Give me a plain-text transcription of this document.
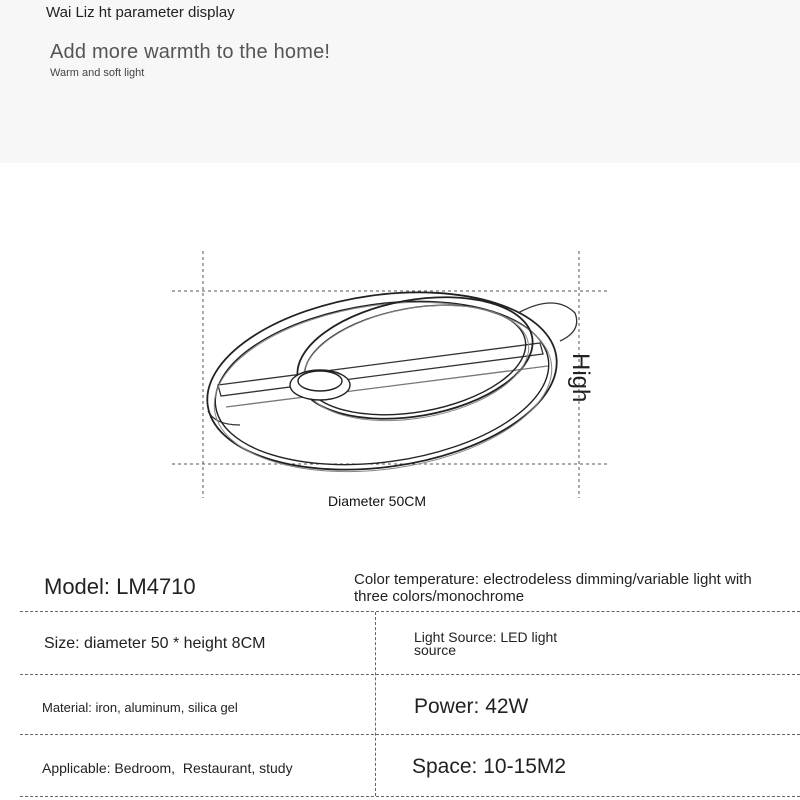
Wai Liz ht parameter display
Add more warmth to the home!
Warm and soft light
Diameter 50CM
High
Model: LM4710	Color temperature: electrodeless dimming/variable light with three colors/monochrome
Size: diameter 50 * height 8CM	Light Source: LED light source
Material: iron, aluminum, silica gel	Power: 42W
Applicable: Bedroom,  Restaurant, study	Space: 10-15M2
